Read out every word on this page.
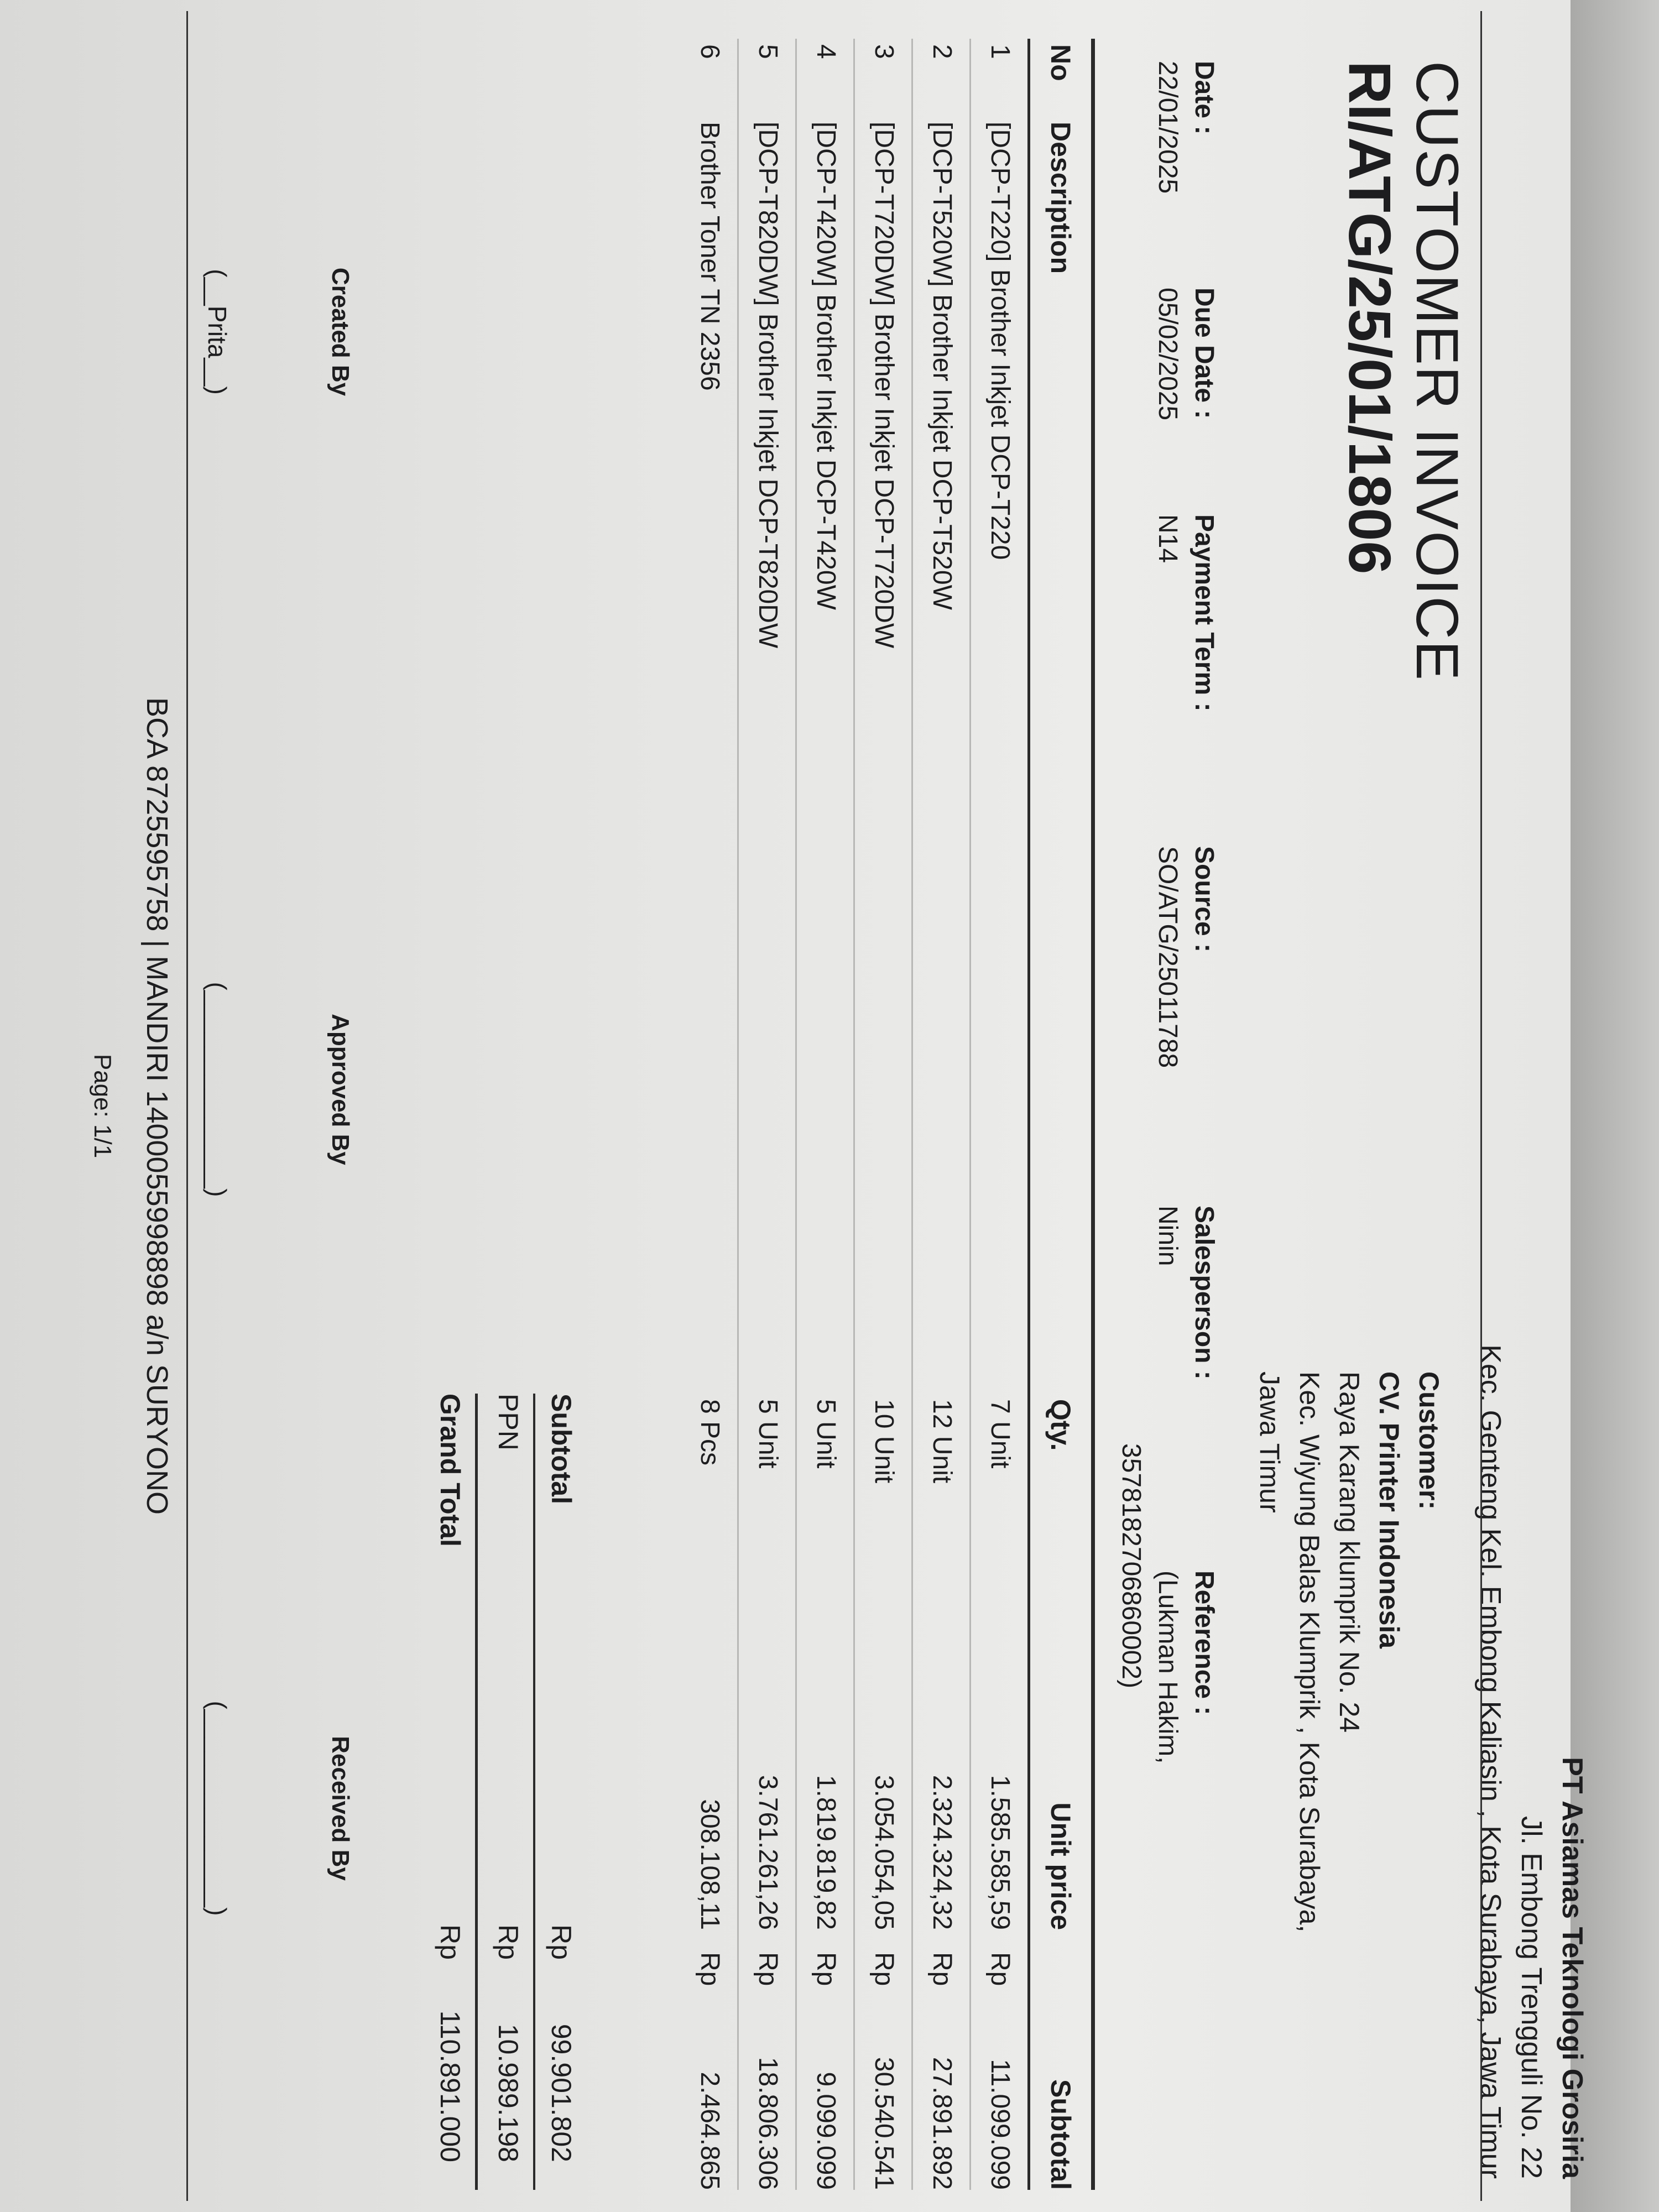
PT Asiamas Teknologi Grosiria
Jl. Embong Trengguli No. 22
Kec. Genteng Kel. Embong Kaliasin , Kota Surabaya, Jawa Timur
CUSTOMER INVOICE
RI/ATG/25/01/1806
Customer:
CV. Printer Indonesia
Raya Karang klumprik No. 24
Kec. Wiyung Balas Klumprik , Kota Surabaya,
Jawa Timur
Date :
22/01/2025
Due Date :
05/02/2025
Payment Term :
N14
Source :
SO/ATG/25011788
Salesperson :
Ninin
Reference :
(Lukman Hakim,
3578182706860002)
No
Description
Qty.
Unit price
Subtotal
1
[DCP-T220] Brother Inkjet DCP-T220
7 Unit
1.585.585,59
Rp
11.099.099
2
[DCP-T520W] Brother Inkjet DCP-T520W
12 Unit
2.324.324,32
Rp
27.891.892
3
[DCP-T720DW] Brother Inkjet DCP-T720DW
10 Unit
3.054.054,05
Rp
30.540.541
4
[DCP-T420W] Brother Inkjet DCP-T420W
5 Unit
1.819.819,82
Rp
9.099.099
5
[DCP-T820DW] Brother Inkjet DCP-T820DW
5 Unit
3.761.261,26
Rp
18.806.306
6
Brother Toner TN 2356
8 Pcs
308.108,11
Rp
2.464.865
Subtotal
Rp
99.901.802
PPN
Rp
10.989.198
Grand Total
Rp
110.891.000
Created By
(__Prita__)
Approved By
(______________)
Received By
(______________)
BCA 8725595758 | MANDIRI 1400055998898 a/n SURYONO
Page: 1/1
